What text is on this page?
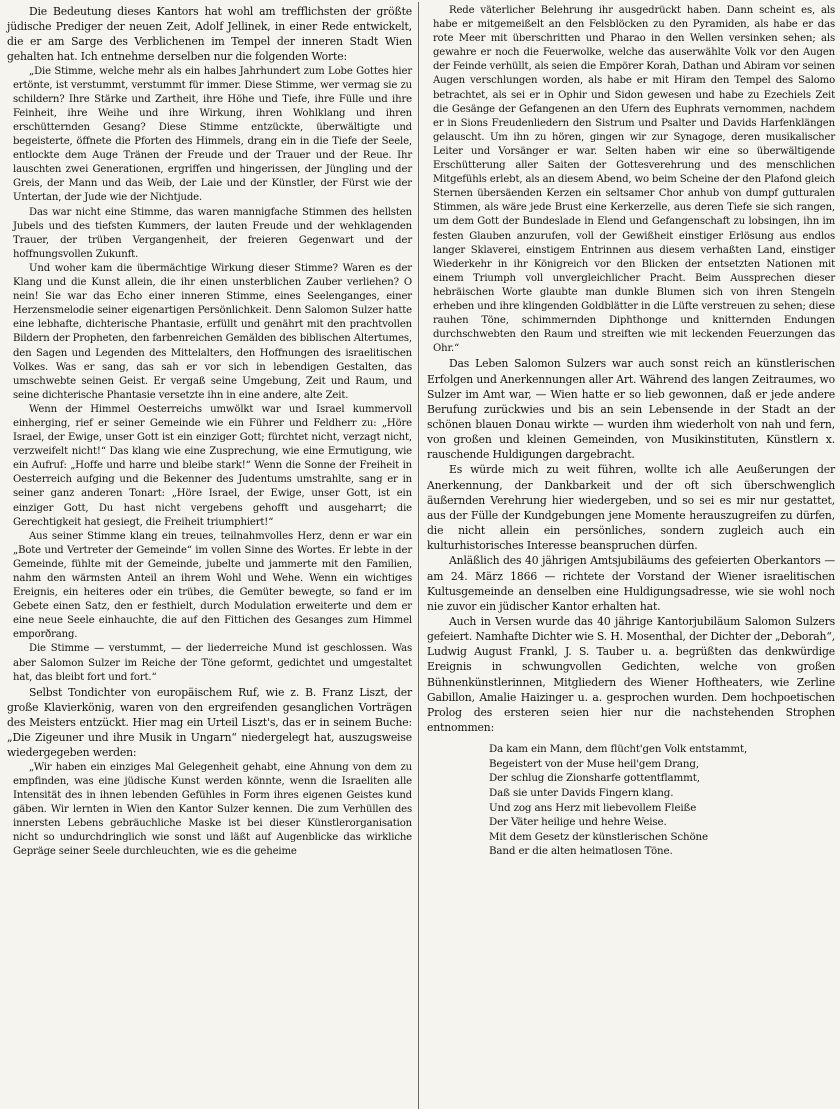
Die Bedeutung dieses Kantors hat wohl am trefflichsten der größte jüdische Prediger der neuen Zeit, Adolf Jellinek, in einer Rede entwickelt, die er am Sarge des Verblichenen im Tempel der inneren Stadt Wien gehalten hat. Ich entnehme derselben nur die folgenden Worte:

„Die Stimme, welche mehr als ein halbes Jahrhundert zum Lobe Gottes hier ertönte, ist verstummt, verstummt für immer. Diese Stimme, wer vermag sie zu schildern? Ihre Stärke und Zartheit, ihre Höhe und Tiefe, ihre Fülle und ihre Feinheit, ihre Weihe und ihre Wirkung, ihren Wohlklang und ihren erschütternden Gesang? Diese Stimme entzückte, überwältigte und begeisterte, öffnete die Pforten des Himmels, drang ein in die Tiefe der Seele, entlockte dem Auge Tränen der Freude und der Trauer und der Reue. Ihr lauschten zwei Generationen, ergriffen und hingerissen, der Jüngling und der Greis, der Mann und das Weib, der Laie und der Künstler, der Fürst wie der Untertan, der Jude wie der Nichtjude.

Das war nicht eine Stimme, das waren mannigfache Stimmen des hellsten Jubels und des tiefsten Kummers, der lauten Freude und der wehklagenden Trauer, der trüben Vergangenheit, der freieren Gegenwart und der hoffnungsvollen Zukunft.

Und woher kam die übermächtige Wirkung dieser Stimme? Waren es der Klang und die Kunst allein, die ihr einen unsterblichen Zauber verliehen? O nein! Sie war das Echo einer inneren Stimme, eines Seelenganges, einer Herzensmelodie seiner eigenartigen Persönlichkeit. Denn Salomon Sulzer hatte eine lebhafte, dichterische Phantasie, erfüllt und genährt mit den prachtvollen Bildern der Propheten, den farbenreichen Gemälden des biblischen Altertumes, den Sagen und Legenden des Mittelalters, den Hoffnungen des israelitischen Volkes. Was er sang, das sah er vor sich in lebendigen Gestalten, das umschwebte seinen Geist. Er vergaß seine Umgebung, Zeit und Raum, und seine dichterische Phantasie versetzte ihn in eine andere, alte Zeit.

Wenn der Himmel Oesterreichs umwölkt war und Israel kummervoll einherging, rief er seiner Gemeinde wie ein Führer und Feldherr zu: „Höre Israel, der Ewige, unser Gott ist ein einziger Gott; fürchtet nicht, verzagt nicht, verzweifelt nicht!“ Das klang wie eine Zusprechung, wie eine Ermutigung, wie ein Aufruf: „Hoffe und harre und bleibe stark!“ Wenn die Sonne der Freiheit in Oesterreich aufging und die Bekenner des Judentums umstrahlte, sang er in seiner ganz anderen Tonart: „Höre Israel, der Ewige, unser Gott, ist ein einziger Gott, Du hast nicht vergebens gehofft und ausgeharrt; die Gerechtigkeit hat gesiegt, die Freiheit triumphiert!“

Aus seiner Stimme klang ein treues, teilnahmvolles Herz, denn er war ein „Bote und Vertreter der Gemeinde“ im vollen Sinne des Wortes. Er lebte in der Gemeinde, fühlte mit der Gemeinde, jubelte und jammerte mit den Familien, nahm den wärmsten Anteil an ihrem Wohl und Wehe. Wenn ein wichtiges Ereignis, ein heiteres oder ein trübes, die Gemüter bewegte, so fand er im Gebete einen Satz, den er festhielt, durch Modulation erweiterte und dem er eine neue Seele einhauchte, die auf den Fittichen des Gesanges zum Himmel emporðrang.

Die Stimme — verstummt, — der liederreiche Mund ist geschlossen. Was aber Salomon Sulzer im Reiche der Töne geformt, gedichtet und umgestaltet hat, das bleibt fort und fort.“

Selbst Tondichter von europäischem Ruf, wie z. B. Franz Liszt, der große Klavierkönig, waren von den ergreifenden gesanglichen Vorträgen des Meisters entzückt. Hier mag ein Urteil Liszt's, das er in seinem Buche: „Die Zigeuner und ihre Musik in Ungarn“ niedergelegt hat, auszugsweise wiedergegeben werden:

„Wir haben ein einziges Mal Gelegenheit gehabt, eine Ahnung von dem zu empfinden, was eine jüdische Kunst werden könnte, wenn die Israeliten alle Intensität des in ihnen lebenden Gefühles in Form ihres eigenen Geistes kund gäben. Wir lernten in Wien den Kantor Sulzer kennen. Die zum Verhüllen des innersten Lebens gebräuchliche Maske ist bei dieser Künstlerorganisation nicht so undurchdringlich wie sonst und läßt auf Augenblicke das wirkliche Gepräge seiner Seele durchleuchten, wie es die geheime

Rede väterlicher Belehrung ihr ausgedrückt haben. Dann scheint es, als habe er mitgemeißelt an den Felsblöcken zu den Pyramiden, als habe er das rote Meer mit überschritten und Pharao in den Wellen versinken sehen; als gewahre er noch die Feuerwolke, welche das auserwählte Volk vor den Augen der Feinde verhüllt, als seien die Empörer Korah, Dathan und Abiram vor seinen Augen verschlungen worden, als habe er mit Hiram den Tempel des Salomo betrachtet, als sei er in Ophir und Sidon gewesen und habe zu Ezechiels Zeit die Gesänge der Gefangenen an den Ufern des Euphrats vernommen, nachdem er in Sions Freudenliedern den Sistrum und Psalter und Davids Harfenklängen gelauscht. Um ihn zu hören, gingen wir zur Synagoge, deren musikalischer Leiter und Vorsänger er war. Selten haben wir eine so überwältigende Erschütterung aller Saiten der Gottesverehrung und des menschlichen Mitgefühls erlebt, als an diesem Abend, wo beim Scheine der den Plafond gleich Sternen übersäenden Kerzen ein seltsamer Chor anhub von dumpf gutturalen Stimmen, als wäre jede Brust eine Kerkerzelle, aus deren Tiefe sie sich rangen, um dem Gott der Bundeslade in Elend und Gefangenschaft zu lobsingen, ihn im festen Glauben anzurufen, voll der Gewißheit einstiger Erlösung aus endlos langer Sklaverei, einstigem Entrinnen aus diesem verhaßten Land, einstiger Wiederkehr in ihr Königreich vor den Blicken der entsetzten Nationen mit einem Triumph voll unvergleichlicher Pracht. Beim Aussprechen dieser hebräischen Worte glaubte man dunkle Blumen sich von ihren Stengeln erheben und ihre klingenden Goldblätter in die Lüfte verstreuen zu sehen; diese rauhen Töne, schimmernden Diphthonge und knitternden Endungen durchschwebten den Raum und streiften wie mit leckenden Feuerzungen das Ohr.“

Das Leben Salomon Sulzers war auch sonst reich an künstlerischen Erfolgen und Anerkennungen aller Art. Während des langen Zeitraumes, wo Sulzer im Amt war, — Wien hatte er so lieb gewonnen, daß er jede andere Berufung zurückwies und bis an sein Lebensende in der Stadt an der schönen blauen Donau wirkte — wurden ihm wiederholt von nah und fern, von großen und kleinen Gemeinden, von Musikinstituten, Künstlern x. rauschende Huldigungen dargebracht.

Es würde mich zu weit führen, wollte ich alle Aeußerungen der Anerkennung, der Dankbarkeit und der oft sich überschwenglich äußernden Verehrung hier wiedergeben, und so sei es mir nur gestattet, aus der Fülle der Kundgebungen jene Momente herauszugreifen zu dürfen, die nicht allein ein persönliches, sondern zugleich auch ein kulturhistorisches Interesse beanspruchen dürfen.

Anläßlich des 40 jährigen Amtsjubiläums des gefeierten Oberkantors — am 24. März 1866 — richtete der Vorstand der Wiener israelitischen Kultusgemeinde an denselben eine Huldigungsadresse, wie sie wohl noch nie zuvor ein jüdischer Kantor erhalten hat.

Auch in Versen wurde das 40 jährige Kantorjubiläum Salomon Sulzers gefeiert. Namhafte Dichter wie S. H. Mosenthal, der Dichter der „Deborah“, Ludwig August Frankl, J. S. Tauber u. a. begrüßten das denkwürdige Ereignis in schwungvollen Gedichten, welche von großen Bühnenkünstlerinnen, Mitgliedern des Wiener Hoftheaters, wie Zerline Gabillon, Amalie Haizinger u. a. gesprochen wurden. Dem hochpoetischen Prolog des ersteren seien hier nur die nachstehenden Strophen entnommen:

Da kam ein Mann, dem flücht'gen Volk entstammt,
Begeistert von der Muse heil'gem Drang,
Der schlug die Zionsharfe gottentflammt,
Daß sie unter Davids Fingern klang.
Und zog ans Herz mit liebevollem Fleiße
Der Väter heilige und hehre Weise.
Mit dem Gesetz der künstlerischen Schöne
Band er die alten heimatlosen Töne.
